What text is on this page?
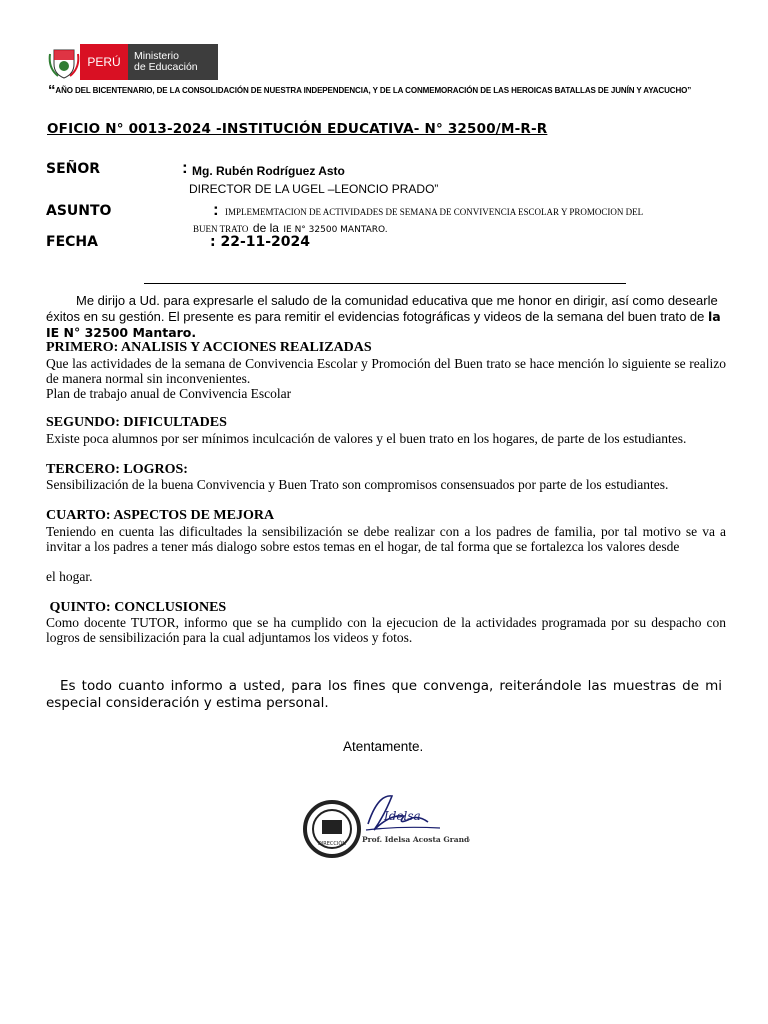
PERÚ	Ministerio
de Educación
“AÑO DEL BICENTENARIO, DE LA CONSOLIDACIÓN DE NUESTRA INDEPENDENCIA, Y DE LA CONMEMORACIÓN DE LAS HEROICAS BATALLAS DE JUNÍN Y AYACUCHO”
OFICIO N° 0013-2024 -INSTITUCIÓN EDUCATIVA- N° 32500/M-R-R
SEÑOR	: Mg. Rubén Rodríguez Asto
DIRECTOR DE LA UGEL –LEONCIO PRADO”
ASUNTO	: IMPLEMEMTACION DE ACTIVIDADES DE SEMANA DE CONVIVENCIA ESCOLAR Y PROMOCION DEL
BUEN TRATO de la IE N° 32500 MANTARO.
FECHA	: 22-11-2024
Me dirijo a Ud. para expresarle el saludo de la comunidad educativa que me honor en dirigir, así como desearle éxitos en su gestión. El presente es para remitir el evidencias fotográficas y videos de la semana del buen trato de la IE N° 32500 Mantaro.
PRIMERO: ANALISIS Y ACCIONES REALIZADAS
Que las actividades de la semana de Convivencia Escolar y Promoción del Buen trato se hace mención lo siguiente se realizo de manera normal sin inconvenientes.
Plan de trabajo anual de Convivencia Escolar
SEGUNDO: DIFICULTADES
Existe poca alumnos por ser mínimos inculcación de valores y el buen trato en los hogares, de parte de los estudiantes.
TERCERO: LOGROS:
Sensibilización de la buena Convivencia y Buen Trato son compromisos consensuados por parte de los estudiantes.
CUARTO: ASPECTOS DE MEJORA
Teniendo en cuenta las dificultades la sensibilización se debe realizar con a los padres de familia, por tal motivo se va a invitar a los padres a tener más dialogo sobre estos temas en el hogar, de tal forma que se fortalezca los valores desde
el hogar.
QUINTO: CONCLUSIONES
Como docente TUTOR, informo que se ha cumplido con la ejecucion de la actividades programada por su despacho con logros de sensibilización para la cual adjuntamos los videos y fotos.
Es todo cuanto informo a usted, para los fines que convenga, reiterándole las muestras de mi especial consideración y estima personal.
Atentamente.
DIRECCIÓN
Idelsa
Prof. Idelsa Acosta Grandez
